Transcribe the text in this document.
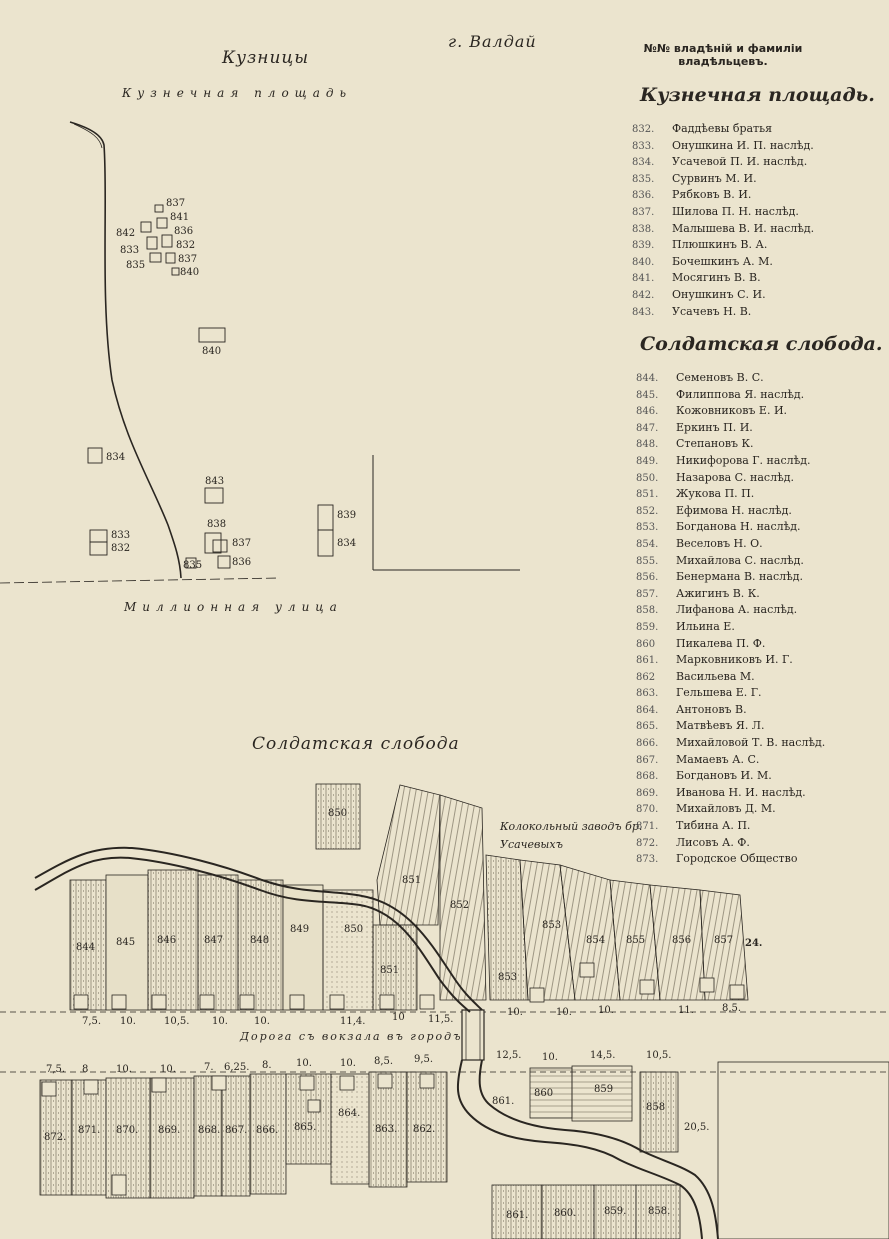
г. Валдай
Кузницы
Кузнечная площадь
Миллионная улица
Солдатская слобода
Дорога съ вокзала въ городъ
Колокольный заводъ бр. Усачевыхъ
837
841
842	836
833	832
835
837
840
840
834
843
838
837
833
832
835	836
839
834
850
851
852
844 845 846	847	848
849	850
851
853
853
854 855	856 857 24.
7,5. 10.	10,5. 10.	10.	11,4.	10 11,5.
10.	10.	10.	11.	8,5.
7,5. 8	10.	10.	7. 6,25. 8. 10.	10. 8,5. 9,5.	12,5. 10.	14,5.	10,5.
20,5.
872.
871. 870. 869. 868. 867. 866. 865.
864.
863. 862.
861.
860	859
858
861.	860.	859. 858.
№№ владѣній и фамиліи владѣльцевъ.
Кузнечная площадь.
832. Фаддѣевы братья
833. Онушкина И. П. наслѣд.
834. Усачевой П. И. наслѣд.
835. Сурвинъ М. И.
836. Рябковъ В. И.
837. Шилова П. Н. наслѣд.
838. Малышева В. И. наслѣд.
839. Плюшкинъ В. А.
840. Бочешкинъ А. М.
841. Мосягинъ В. В.
842. Онушкинъ С. И.
843. Усачевъ Н. В.
Солдатская слобода.
844. Семеновъ В. С.
845. Филиппова Я. наслѣд.
846. Кожовниковъ Е. И.
847. Еркинъ П. И.
848. Степановъ К.
849. Никифорова Г. наслѣд.
850. Назарова С. наслѣд.
851. Жукова П. П.
852. Ефимова Н. наслѣд.
853. Богданова Н. наслѣд.
854. Веселовъ Н. О.
855. Михайлова С. наслѣд.
856. Бенермана В. наслѣд.
857. Ажигинъ В. К.
858. Лифанова А. наслѣд.
859. Ильина Е.
860 Пикалева П. Ф.
861. Марковниковъ И. Г.
862 Васильева М.
863. Гельшева Е. Г.
864. Антоновъ В.
865. Матвѣевъ Я. Л.
866. Михайловой Т. В. наслѣд.
867. Мамаевъ А. С.
868. Богдановъ И. М.
869. Иванова Н. И. наслѣд.
870. Михайловъ Д. М.
871. Тибина А. П.
872. Лисовъ А. Ф.
873. Городское Общество
